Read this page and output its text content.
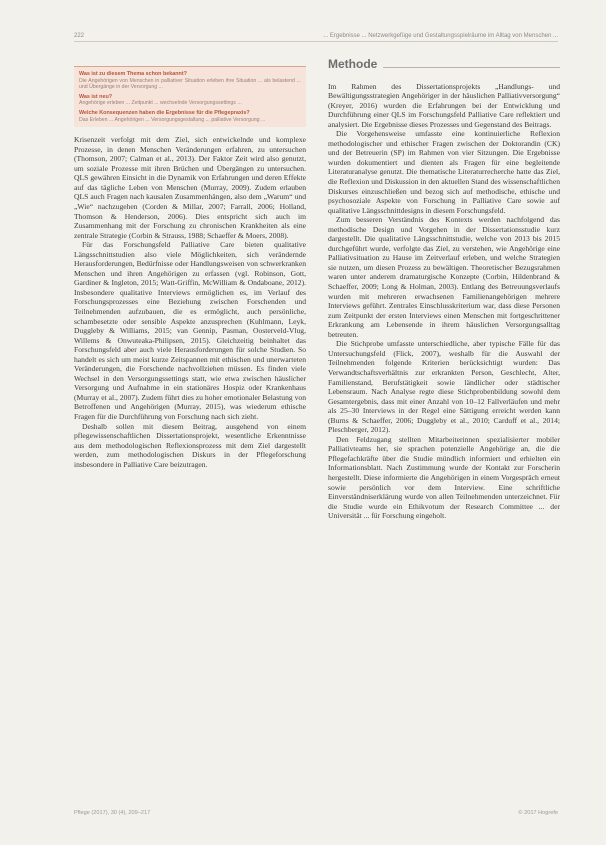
222	... Ergebnisse ... Netzwerkgefüge und Gestaltungsspielräume im Alltag von Menschen ...
Was ist zu diesem Thema schon bekannt?
Die Angehörigen von Menschen in palliativer Situation erleben ihre Situation ... als belastend ... und Übergänge in der Versorgung ...
Was ist neu?
Angehörige erleben ... Zeitpunkt ... wechselnde Versorgungssettings ...
Welche Konsequenzen haben die Ergebnisse für die Pflegepraxis?
Das Erleben ... Angehörigen ... Versorgungsgestaltung ... palliative Versorgung ...

Krisenzeit verfolgt mit dem Ziel, sich entwickelnde und komplexe Prozesse, in denen Menschen Veränderungen erfahren, zu untersuchen (Thomson, 2007; Calman et al., 2013). Der Faktor Zeit wird also genutzt, um soziale Prozesse mit ihren Brüchen und Übergängen zu untersuchen. QLS gewähren Einsicht in die Dynamik von Erfahrungen und deren Effekte auf das tägliche Leben von Menschen (Murray, 2009). Zudem erlauben QLS auch Fragen nach kausalen Zusammenhängen, also dem „Warum“ und „Wie“ nachzugehen (Corden & Millar, 2007; Farrall, 2006; Holland, Thomson & Henderson, 2006). Dies entspricht sich auch im Zusammenhang mit der Forschung zu chronischen Krankheiten als eine zentrale Strategie (Corbin & Strauss, 1988; Schaeffer & Moers, 2008).

Für das Forschungsfeld Palliative Care bieten qualitative Längsschnittstudien also viele Möglichkeiten, sich verändernde Herausforderungen, Bedürfnisse oder Handlungsweisen von schwerkranken Menschen und ihren Angehörigen zu erfassen (vgl. Robinson, Gott, Gardiner & Ingleton, 2015; Watt-Griffin, McWilliam & Ondaboane, 2012). Insbesondere qualitative Interviews ermöglichen es, im Verlauf des Forschungsprozesses eine Beziehung zwischen Forschenden und Teilnehmenden aufzubauen, die es ermöglicht, auch persönliche, schambesetzte oder sensible Aspekte anzusprechen (Kuhlmann, Leyk, Duggleby & Williams, 2015; van Gennip, Pasman, Oosterveld-Vlug, Willems & Onwuteaka-Philipsen, 2015). Gleichzeitig beinhaltet das Forschungsfeld aber auch viele Herausforderungen für solche Studien. So handelt es sich um meist kurze Zeitspannen mit ethischen und unerwarteten Veränderungen, die Forschende nachvollziehen müssen. Es finden viele Wechsel in den Versorgungssettings statt, wie etwa zwischen häuslicher Versorgung und Aufnahme in ein stationäres Hospiz oder Krankenhaus (Murray et al., 2007). Zudem führt dies zu hoher emotionaler Belastung von Betroffenen und Angehörigen (Murray, 2015), was wiederum ethische Fragen für die Durchführung von Forschung nach sich zieht.

Deshalb sollen mit diesem Beitrag, ausgehend von einem pflegewissenschaftlichen Dissertationsprojekt, wesentliche Erkenntnisse aus dem methodologischen Reflexionsprozess mit dem Ziel dargestellt werden, zum methodologischen Diskurs in der Pflegeforschung insbesondere in Palliative Care beizutragen.

Methode

Im Rahmen des Dissertationsprojekts „Handlungs- und Bewältigungsstrategien Angehöriger in der häuslichen Palliativversorgung“ (Kreyer, 2016) wurden die Erfahrungen bei der Entwicklung und Durchführung einer QLS im Forschungsfeld Palliative Care reflektiert und analysiert. Die Ergebnisse dieses Prozesses und Gegenstand des Beitrags.

Die Vorgehensweise umfasste eine kontinuierliche Reflexion methodologischer und ethischer Fragen zwischen der Doktorandin (CK) und der Betreuerin (SP) im Rahmen von vier Sitzungen. Die Ergebnisse wurden dokumentiert und dienten als Fragen für eine begleitende Literaturanalyse genutzt. Die thematische Literaturrecherche hatte das Ziel, die Reflexion und Diskussion in den aktuellen Stand des wissenschaftlichen Diskurses einzuschließen und bezog sich auf methodische, ethische und psychosoziale Aspekte von Forschung in Palliative Care sowie auf qualitative Längsschnittdesigns in diesem Forschungsfeld.

Zum besseren Verständnis des Kontexts werden nachfolgend das methodische Design und Vorgehen in der Dissertationsstudie kurz dargestellt. Die qualitative Längsschnittstudie, welche von 2013 bis 2015 durchgeführt wurde, verfolgte das Ziel, zu verstehen, wie Angehörige eine Palliativsituation zu Hause im Zeitverlauf erleben, und welche Strategien sie nutzen, um diesen Prozess zu bewältigen. Theoretischer Bezugsrahmen waren unter anderem dramaturgische Konzepte (Corbin, Hildenbrand & Schaeffer, 2009; Long & Holman, 2003). Entlang des Betreuungsverlaufs wurden mit mehreren erwachsenen Familienangehörigen mehrere Interviews geführt. Zentrales Einschlusskriterium war, dass diese Personen zum Zeitpunkt der ersten Interviews einen Menschen mit fortgeschrittener Erkrankung am Lebensende in ihrem häuslichen Versorgungsalltag betreuten.

Die Stichprobe umfasste unterschiedliche, aber typische Fälle für das Untersuchungsfeld (Flick, 2007), weshalb für die Auswahl der Teilnehmenden folgende Kriterien berücksichtigt wurden: Das Verwandtschaftsverhältnis zur erkrankten Person, Geschlecht, Alter, Familienstand, Berufstätigkeit sowie ländlicher oder städtischer Lebensraum. Nach Analyse regte diese Stichprobenbildung sowohl dem Gesamtergebnis, dass mit einer Anzahl von 10–12 Fallverläufen und mehr als 25–30 Interviews in der Regel eine Sättigung erreicht werden kann (Burns & Schaeffer, 2006; Duggleby et al., 2010; Carduff et al., 2014; Pleschberger, 2012).

Den Feldzugang stellten Mitarbeiterinnen spezialisierter mobiler Palliativteams her, sie sprachen potenzielle Angehörige an, die die Pflegefachkräfte über die Studie mündlich informiert und erhielten ein Informationsblatt. Nach Zustimmung wurde der Kontakt zur Forscherin hergestellt. Diese informierte die Angehörigen in einem Vorgespräch erneut sowie persönlich vor dem Interview. Eine schriftliche Einverständniserklärung wurde von allen Teilnehmenden unterzeichnet. Für die Studie wurde ein Ethikvotum der Research Committee ... der Universität ... für Forschung eingeholt.

Pflege (2017), 30 (4), 209–217	© 2017 Hogrefe
